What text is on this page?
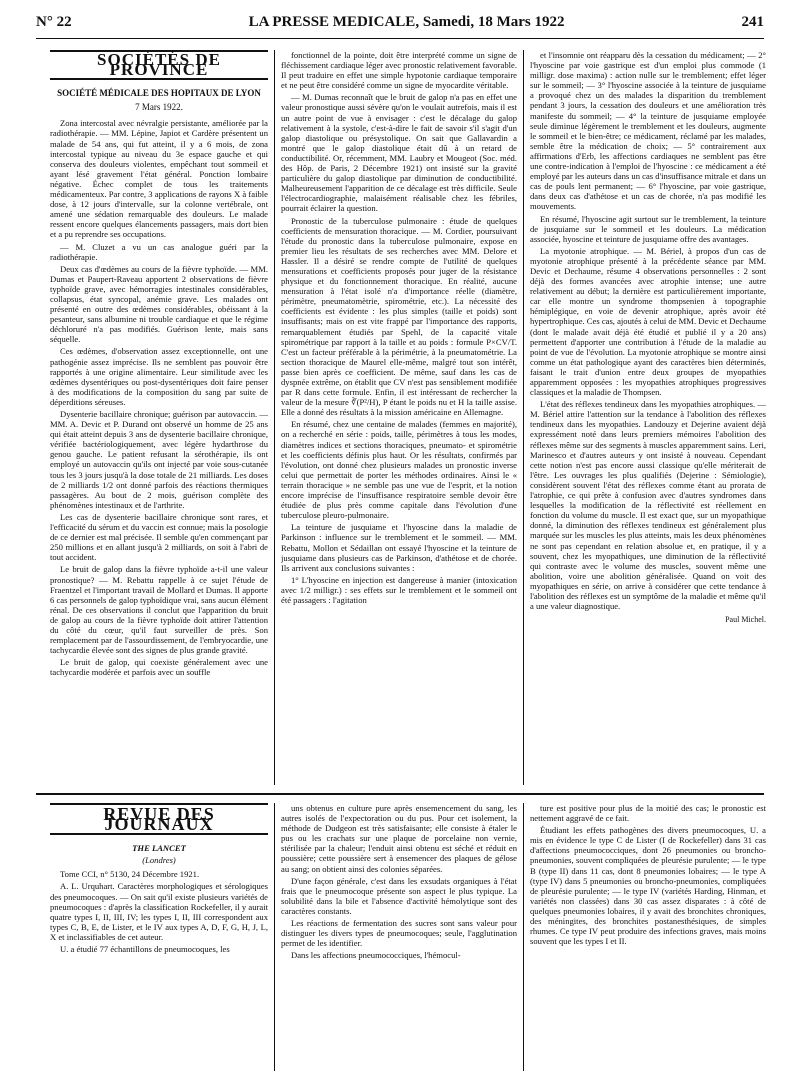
N° 22	LA PRESSE MEDICALE, Samedi, 18 Mars 1922	241
SOCIÉTÉS DE PROVINCE
SOCIÉTÉ MÉDICALE DES HOPITAUX DE LYON
7 Mars 1922.

Zona intercostal avec névralgie persistante, améliorée par la radiothérapie. — MM. Lépine, Japiot et Cardère présentent un malade de 54 ans, qui fut atteint, il y a 6 mois, de zona intercostal typique au niveau du 3e espace gauche et qui conserva des douleurs violentes, empêchant tout sommeil et ayant lésé gravement l'état général. Ponction lombaire négative. Échec complet de tous les traitements médicamenteux. Par contre, 3 applications de rayons X à faible dose, à 12 jours d'intervalle, sur la colonne vertébrale, ont amené une sédation remarquable des douleurs. Le malade ressent encore quelques élancements passagers, mais dort bien et a pu reprendre ses occupations.

— M. Cluzet a vu un cas analogue guéri par la radiothérapie.

Deux cas d'œdèmes au cours de la fièvre typhoïde. — MM. Dumas et Paupert-Raveau apportent 2 observations de fièvre typhoïde grave, avec hémorragies intestinales considérables, collapsus, état syncopal, anémie grave. Les malades ont présenté en outre des œdèmes considérables, obéissant à la pesanteur, sans albumine ni trouble cardiaque et que le régime déchloruré n'a pas modifiés. Guérison lente, mais sans séquelle.

Ces œdèmes, d'observation assez exceptionnelle, ont une pathogénie assez imprécise. Ils ne semblent pas pouvoir être rapportés à une origine alimentaire. Leur similitude avec les œdèmes dysentériques ou post-dysentériques doit faire penser à des modifications de la composition du sang par suite de déperditions séreuses.

Dysenterie bacillaire chronique; guérison par autovaccin. — MM. A. Devic et P. Durand ont observé un homme de 25 ans qui était atteint depuis 3 ans de dysenterie bacillaire chronique, vérifiée bactériologiquement, avec légère hydarthrose du genou gauche. Le patient refusant la sérothérapie, ils ont employé un autovaccin qu'ils ont injecté par voie sous-cutanée tous les 3 jours jusqu'à la dose totale de 21 milliards. Les doses de 2 milliards 1/2 ont donné parfois des réactions thermiques passagères. Au bout de 2 mois, guérison complète des phénomènes intestinaux et de l'arthrite.

Les cas de dysenterie bacillaire chronique sont rares, et l'efficacité du sérum et du vaccin est connue; mais la posologie de ce dernier est mal précisée. Il semble qu'en commençant par 250 millions et en allant jusqu'à 2 milliards, on soit à l'abri de tout accident.

Le bruit de galop dans la fièvre typhoïde a-t-il une valeur pronostique? — M. Rebattu rappelle à ce sujet l'étude de Fraentzel et l'important travail de Mollard et Dumas. Il apporte 6 cas personnels de galop typhoïdique vrai, sans aucun élément rénal. De ces observations il conclut que l'apparition du bruit de galop au cours de la fièvre typhoïde doit attirer l'attention du côté du cœur, qu'il faut surveiller de près. Son remplacement par de l'assourdissement, de l'embryocardie, une tachycardie élevée sont des signes de plus grande gravité.

Le bruit de galop, qui coexiste généralement avec une tachycardie modérée et parfois avec un souffle

fonctionnel de la pointe, doit être interprété comme un signe de fléchissement cardiaque léger avec pronostic relativement favorable. Il peut traduire en effet une simple hypotonie cardiaque temporaire et ne peut être considéré comme un signe de myocardite véritable.

— M. Dumas reconnaît que le bruit de galop n'a pas en effet une valeur pronostique aussi sévère qu'on le voulait autrefois, mais il est un autre point de vue à envisager : c'est le décalage du galop relativement à la systole, c'est-à-dire le fait de savoir s'il s'agit d'un galop diastolique ou présystolique. On sait que Gallavardin a montré que le galop diastolique était dû à un retard de conductibilité. Or, récemment, MM. Laubry et Mougeot (Soc. méd. des Hôp. de Paris, 2 Décembre 1921) ont insisté sur la gravité particulière du galop diastolique par diminution de conductibilité. Malheureusement l'apparition de ce décalage est très difficile. Seule l'électrocardiographie, malaisément réalisable chez les fébriles, pourrait éclairer la question.

Pronostic de la tuberculose pulmonaire : étude de quelques coefficients de mensuration thoracique. — M. Cordier, poursuivant l'étude du pronostic dans la tuberculose pulmonaire, expose en premier lieu les résultats de ses recherches avec MM. Delore et Hassler. Il a désiré se rendre compte de l'utilité de quelques mensurations et coefficients proposés pour juger de la résistance physique et du fonctionnement thoracique. En réalité, aucune mensuration à l'état isolé n'a d'importance réelle (diamètre, périmètre, pneumatomètrie, spirométrie, etc.). La nécessité des coefficients est évidente : les plus simples (taille et poids) sont insuffisants; mais on est vite frappé par l'importance des rapports, remarquablement étudiés par Spehl, de la capacité vitale spirométrique par rapport à la taille et au poids : formule P×CV/T. C'est un facteur préférable à la périmétrie, à la pneumatométrie. La section thoracique de Maurel elle-même, malgré tout son intérêt, passe bien après ce coefficient. De même, sauf dans les cas de dyspnée extrême, on établit que CV n'est pas sensiblement modifiée par R dans cette formule. Enfin, il est intéressant de rechercher la valeur de la mesure ∛(P²/H), P étant le poids nu et H la taille assise. Elle a donné des résultats à la mission américaine en Allemagne.

En résumé, chez une centaine de malades (femmes en majorité), on a recherché en série : poids, taille, périmètres à tous les modes, diamètres indices et sections thoraciques, pneumato- et spirométrie et les coefficients définis plus haut. Or les résultats, confirmés par l'évolution, ont donné chez plusieurs malades un pronostic inverse celui que permettait de porter les méthodes ordinaires. Ainsi le « terrain thoracique » ne semble pas une vue de l'esprit, et la notion encore imprécise de l'insuffisance respiratoire semble devoir être étudiée de plus près comme capitale dans l'évolution d'une tuberculose pleuro-pulmonaire.

La teinture de jusquiame et l'hyoscine dans la maladie de Parkinson : influence sur le tremblement et le sommeil. — MM. Rebattu, Mollon et Sédaillan ont essayé l'hyoscine et la teinture de jusquiame dans plusieurs cas de Parkinson, d'athétose et de chorée. Ils arrivent aux conclusions suivantes :

1° L'hyoscine en injection est dangereuse à manier (intoxication avec 1/2 milligr.) : ses effets sur le tremblement et le sommeil ont été passagers : l'agitation

et l'insomnie ont réapparu dès la cessation du médicament; — 2° l'hyoscine par voie gastrique est d'un emploi plus commode (1 milligr. dose maxima) : action nulle sur le tremblement; effet léger sur le sommeil; — 3° l'hyoscine associée à la teinture de jusquiame a provoqué chez un des malades la disparition du tremblement pendant 3 jours, la cessation des douleurs et une amélioration très manifeste du sommeil; — 4° la teinture de jusquiame employée seule diminue légèrement le tremblement et les douleurs, augmente le sommeil et le bien-être; ce médicament, réclamé par les malades, semble être la médication de choix; — 5° contrairement aux affirmations d'Erb, les affections cardiaques ne semblent pas être une contre-indication à l'emploi de l'hyoscine : ce médicament a été employé par les auteurs dans un cas d'insuffisance mitrale et dans un cas de pouls lent permanent; — 6° l'hyoscine, par voie gastrique, dans deux cas d'athétose et un cas de chorée, n'a pas modifié les mouvements.

En résumé, l'hyoscine agit surtout sur le tremblement, la teinture de jusquiame sur le sommeil et les douleurs. La médication associée, hyoscine et teinture de jusquiame offre des avantages.

La myotonie atrophique. — M. Bériel, à propos d'un cas de myotonie atrophique présenté à la précédente séance par MM. Devic et Dechaume, résume 4 observations personnelles : 2 sont déjà des formes avancées avec atrophie intense; une autre relativement au début; la dernière est particulièrement importante, car elle montre un syndrome thompsenien à topographie hémiplégique, en voie de devenir atrophique, après avoir été hypertrophique. Ces cas, ajoutés à celui de MM. Devic et Dechaume (dont le malade avait déjà été étudié et publié il y a 20 ans) permettent d'apporter une contribution à l'étude de la maladie au point de vue de l'évolution. La myotonie atrophique se montre ainsi comme un état pathologique ayant des caractères bien déterminés, faisant le trait d'union entre deux groupes de myopathies apparemment opposées : les myopathies atrophiques progressives classiques et la maladie de Thompsen.

L'état des réflexes tendineux dans les myopathies atrophiques. — M. Bériel attire l'attention sur la tendance à l'abolition des réflexes tendineux dans les myopathies. Landouzy et Dejerine avaient déjà expressément noté dans leurs premiers mémoires l'abolition des réflexes même sur des segments à muscles apparemment sains. Leri, Marinesco et d'autres auteurs y ont insisté à nouveau. Cependant cette notion n'est pas encore aussi classique qu'elle mériterait de l'être. Les ouvrages les plus qualifiés (Dejerine : Sémiologie), considèrent souvent l'état des réflexes comme étant au prorata de l'atrophie, ce qui prête à confusion avec d'autres syndromes dans lesquelles la modification de la réflectivité est réellement en fonction du volume du muscle. Il est exact que, sur un myopathique donné, la diminution des réflexes tendineux est généralement plus marquée sur les muscles les plus atteints, mais les deux phénomènes ne sont pas cependant en relation absolue et, en pratique, il y a souvent, chez les myopathiques, une diminution de la réflectivité qui contraste avec le volume des muscles, souvent même une abolition, voire une abolition généralisée. Quand on voit des myopathiques en série, on arrive à considérer que cette tendance à l'abolition des réflexes est un symptôme de la maladie et même qu'il a une valeur diagnostique.

Paul Michel.
REVUE DES JOURNAUX
THE LANCET
(Londres)

Tome CCI, n° 5130, 24 Décembre 1921.

A. L. Urquhart. Caractères morphologiques et sérologiques des pneumocoques. — On sait qu'il existe plusieurs variétés de pneumocoques : d'après la classification Rockefeller, il y aurait quatre types I, II, III, IV; les types I, II, III correspondent aux types C, B, E, de Lister, et le IV aux types A, D, F, G, H, J, L, X et inclassifiables de cet auteur.

U. a étudié 77 échantillons de pneumocoques, les

uns obtenus en culture pure après ensemencement du sang, les autres isolés de l'expectoration ou du pus. Pour cet isolement, la méthode de Dudgeon est très satisfaisante; elle consiste à étaler le pus ou les crachats sur une plaque de porcelaine non vernie, stérilisée par la chaleur; l'enduit ainsi obtenu est séché et réduit en poussière; cette poussière sert à ensemencer des plaques de gélose au sang; on obtient ainsi des colonies séparées.

D'une façon générale, c'est dans les exsudats organiques à l'état frais que le pneumocoque présente son aspect le plus typique. La solubilité dans la bile et l'absence d'activité hémolytique sont des caractères constants.

Les réactions de fermentation des sucres sont sans valeur pour distinguer les divers types de pneumocoques; seule, l'agglutination permet de les identifier.

Dans les affections pneumococciques, l'hémocul-

ture est positive pour plus de la moitié des cas; le pronostic est nettement aggravé de ce fait.

Étudiant les effets pathogènes des divers pneumocoques, U. a mis en évidence le type C de Lister (I de Rockefeller) dans 31 cas d'affections pneumococciques, dont 26 pneumonies ou broncho-pneumonies, souvent compliquées de pleurésie purulente; — le type B (type II) dans 11 cas, dont 8 pneumonies lobaires; — le type A (type IV) dans 5 pneumonies ou broncho-pneumonies, compliquées de pleurésie purulente; — le type IV (variétés Harding, Hinman, et variétés non classées) dans 30 cas assez disparates : à côté de quelques pneumonies lobaires, il y avait des bronchites chroniques, des méningites, des bronchites postanesthésiques, de simples rhumes. Ce type IV peut produire des infections graves, mais moins souvent que les types I et II.
